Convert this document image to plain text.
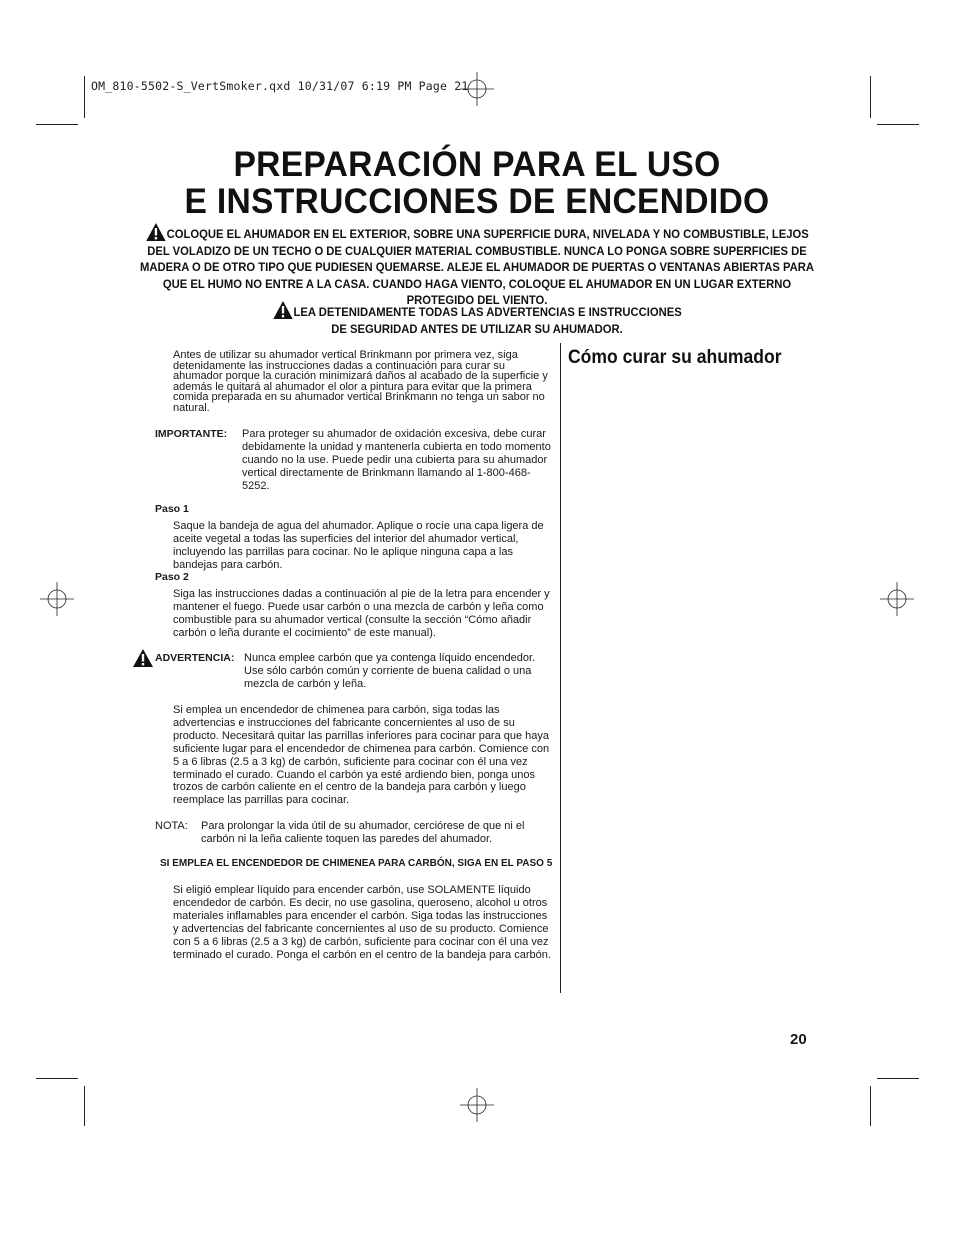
OM_810-5502-S_VertSmoker.qxd 10/31/07 6:19 PM Page 21
PREPARACIÓN PARA EL USO
E INSTRUCCIONES DE ENCENDIDO
COLOQUE EL AHUMADOR EN EL EXTERIOR, SOBRE UNA SUPERFICIE DURA, NIVELADA Y NO COMBUSTIBLE, LEJOS DEL VOLADIZO DE UN TECHO O DE CUALQUIER MATERIAL COMBUSTIBLE. NUNCA LO PONGA SOBRE SUPERFICIES DE MADERA O DE OTRO TIPO QUE PUDIESEN QUEMARSE. ALEJE EL AHUMADOR DE PUERTAS O VENTANAS ABIERTAS PARA QUE EL HUMO NO ENTRE A LA CASA. CUANDO HAGA VIENTO, COLOQUE EL AHUMADOR EN UN LUGAR EXTERNO PROTEGIDO DEL VIENTO.
LEA DETENIDAMENTE TODAS LAS ADVERTENCIAS E INSTRUCCIONES
DE SEGURIDAD ANTES DE UTILIZAR SU AHUMADOR.
Cómo curar su ahumador

Antes de utilizar su ahumador vertical Brinkmann por primera vez, siga detenidamente las instrucciones dadas a continuación para curar su ahumador porque la curación minimizará daños al acabado de la superficie y además le quitará al ahumador el olor a pintura para evitar que la primera comida preparada en su ahumador vertical Brinkmann no tenga un sabor no natural.

IMPORTANTE: Para proteger su ahumador de oxidación excesiva, debe curar debidamente la unidad y mantenerla cubierta en todo momento cuando no la use. Puede pedir una cubierta para su ahumador vertical directamente de Brinkmann llamando al 1-800-468-5252.

Paso 1

Saque la bandeja de agua del ahumador. Aplique o rocíe una capa ligera de aceite vegetal a todas las superficies del interior del ahumador vertical, incluyendo las parrillas para cocinar. No le aplique ninguna capa a las bandejas para carbón.

Paso 2

Siga las instrucciones dadas a continuación al pie de la letra para encender y mantener el fuego. Puede usar carbón o una mezcla de carbón y leña como combustible para su ahumador vertical (consulte la sección “Cómo añadir carbón o leña durante el cocimiento” de este manual).

ADVERTENCIA: Nunca emplee carbón que ya contenga líquido encendedor. Use sólo carbón común y corriente de buena calidad o una mezcla de carbón y leña.

Si emplea un encendedor de chimenea para carbón, siga todas las advertencias e instrucciones del fabricante concernientes al uso de su producto. Necesitará quitar las parrillas inferiores para cocinar para que haya suficiente lugar para el encendedor de chimenea para carbón. Comience con 5 a 6 libras (2.5 a 3 kg) de carbón, suficiente para cocinar con él una vez terminado el curado. Cuando el carbón ya esté ardiendo bien, ponga unos trozos de carbón caliente en el centro de la bandeja para carbón y luego reemplace las parrillas para cocinar.

NOTA: Para prolongar la vida útil de su ahumador, cerciórese de que ni el carbón ni la leña caliente toquen las paredes del ahumador.

SI EMPLEA EL ENCENDEDOR DE CHIMENEA PARA CARBÓN, SIGA EN EL PASO 5

Si eligió emplear líquido para encender carbón, use SOLAMENTE líquido encendedor de carbón. Es decir, no use gasolina, queroseno, alcohol u otros materiales inflamables para encender el carbón. Siga todas las instrucciones y advertencias del fabricante concernientes al uso de su producto. Comience con 5 a 6 libras (2.5 a 3 kg) de carbón, suficiente para cocinar con él una vez terminado el curado. Ponga el carbón en el centro de la bandeja para carbón.

20
